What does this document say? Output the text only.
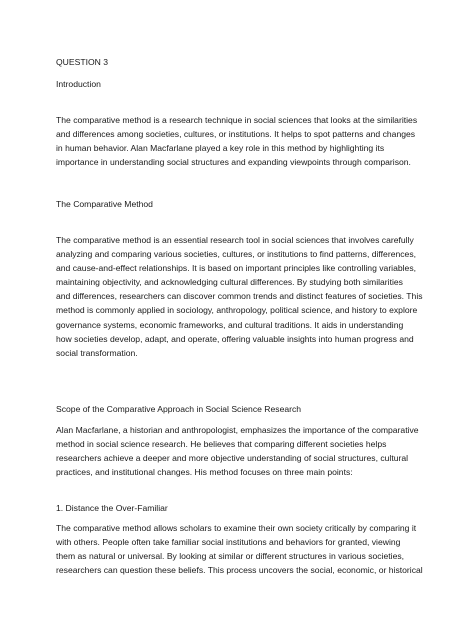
QUESTION 3
Introduction
The comparative method is a research technique in social sciences that looks at the similarities
and differences among societies, cultures, or institutions. It helps to spot patterns and changes
in human behavior. Alan Macfarlane played a key role in this method by highlighting its
importance in understanding social structures and expanding viewpoints through comparison.
The Comparative Method
The comparative method is an essential research tool in social sciences that involves carefully
analyzing and comparing various societies, cultures, or institutions to find patterns, differences,
and cause-and-effect relationships. It is based on important principles like controlling variables,
maintaining objectivity, and acknowledging cultural differences. By studying both similarities
and differences, researchers can discover common trends and distinct features of societies. This
method is commonly applied in sociology, anthropology, political science, and history to explore
governance systems, economic frameworks, and cultural traditions. It aids in understanding
how societies develop, adapt, and operate, offering valuable insights into human progress and
social transformation.
Scope of the Comparative Approach in Social Science Research
Alan Macfarlane, a historian and anthropologist, emphasizes the importance of the comparative
method in social science research. He believes that comparing different societies helps
researchers achieve a deeper and more objective understanding of social structures, cultural
practices, and institutional changes. His method focuses on three main points:
1. Distance the Over-Familiar
The comparative method allows scholars to examine their own society critically by comparing it
with others. People often take familiar social institutions and behaviors for granted, viewing
them as natural or universal. By looking at similar or different structures in various societies,
researchers can question these beliefs. This process uncovers the social, economic, or historical
